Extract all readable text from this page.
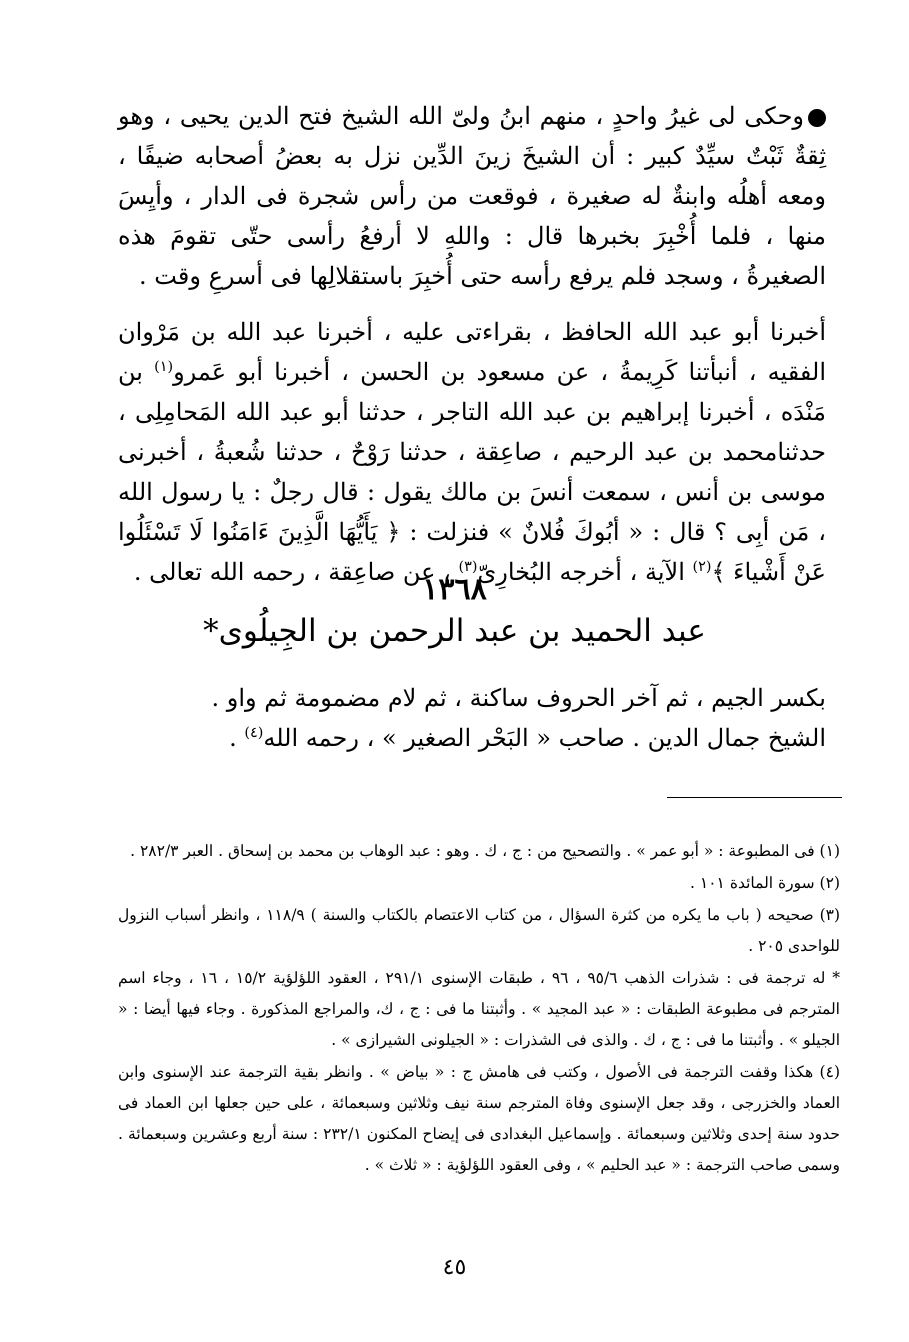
وحكى لى غيرُ واحدٍ ، منهم ابنُ ولىّ الله الشيخ فتح الدين يحيى ، وهو ثِقةٌ ثَبْتٌ سيِّدٌ كبير : أن الشيخَ زينَ الدِّين نزل به بعضُ أصحابه ضيفًا ، ومعه أهلُه وابنةٌ له صغيرة ، فوقعت من رأس شجرة فى الدار ، وأيِسَ منها ، فلما أُخْبِرَ بخبرها قال : واللهِ لا أرفعُ رأسى حتّى تقومَ هذه الصغيرةُ ، وسجد فلم يرفع رأسه حتى أُخبِرَ باستقلالِها فى أسرعِ وقت .

أخبرنا أبو عبد الله الحافظ ، بقراءتى عليه ، أخبرنا عبد الله بن مَرْوان الفقيه ، أنبأتنا كَرِيمةُ ، عن مسعود بن الحسن ، أخبرنا أبو عَمرو$^{(١)}$ بن مَنْدَه ، أخبرنا إبراهيم بن عبد الله التاجر ، حدثنا أبو عبد الله المَحامِلِى ، حدثنامحمد بن عبد الرحيم ، صاعِقة ، حدثنا رَوْحٌ ، حدثنا شُعبةُ ، أخبرنى موسى بن أنس ، سمعت أنسَ بن مالك يقول : قال رجلٌ : يا رسول الله ، مَن أبِى ؟ قال : « أبُوكَ فُلانٌ » فنزلت : ﴿ يَأَيُّهَا الَّذِينَ ءَامَنُوا لَا تَسْئَلُوا عَنْ أَشْياءَ ﴾$^{(٢)}$ الآية ، أخرجه البُخارِىّ$^{(٣)}$ ، عن صاعِقة ، رحمه الله تعالى .

١٣٦٨
عبد الحميد بن عبد الرحمن بن الجِيلُوى*
بكسر الجيم ، ثم آخر الحروف ساكنة ، ثم لام مضمومة ثم واو .
الشيخ جمال الدين . صاحب « البَحْر الصغير » ، رحمه الله$^{(٤)}$ .

(١) فى المطبوعة : « أبو عمر » . والتصحيح من : ج ، ك . وهو : عبد الوهاب بن محمد بن إسحاق . العبر ٢٨٢/٣ .

(٢) سورة المائدة ١٠١ .

(٣) صحيحه ( باب ما يكره من كثرة السؤال ، من كتاب الاعتصام بالكتاب والسنة ) ١١٨/٩ ، وانظر أسباب النزول للواحدى ٢٠٥ .

* له ترجمة فى : شذرات الذهب ٩٥/٦ ، ٩٦ ، طبقات الإسنوى ٢٩١/١ ، العقود اللؤلؤية ١٥/٢ ، ١٦ ، وجاء اسم المترجم فى مطبوعة الطبقات : « عبد المجيد » . وأثبتنا ما فى : ج ، ك، والمراجع المذكورة . وجاء فيها أيضا : « الجيلو » . وأثبتنا ما فى : ج ، ك . والذى فى الشذرات : « الجيلونى الشيرازى » .

(٤) هكذا وقفت الترجمة فى الأصول ، وكتب فى هامش ج : « بياض » . وانظر بقية الترجمة عند الإسنوى وابن العماد والخزرجى ، وقد جعل الإسنوى وفاة المترجم سنة نيف وثلاثين وسبعمائة ، على حين جعلها ابن العماد فى حدود سنة إحدى وثلاثين وسبعمائة . وإسماعيل البغدادى فى إيضاح المكنون ٢٣٢/١ : سنة أربع وعشرين وسبعمائة . وسمى صاحب الترجمة : « عبد الحليم » ، وفى العقود اللؤلؤية : « ثلاث » .

٤٥
